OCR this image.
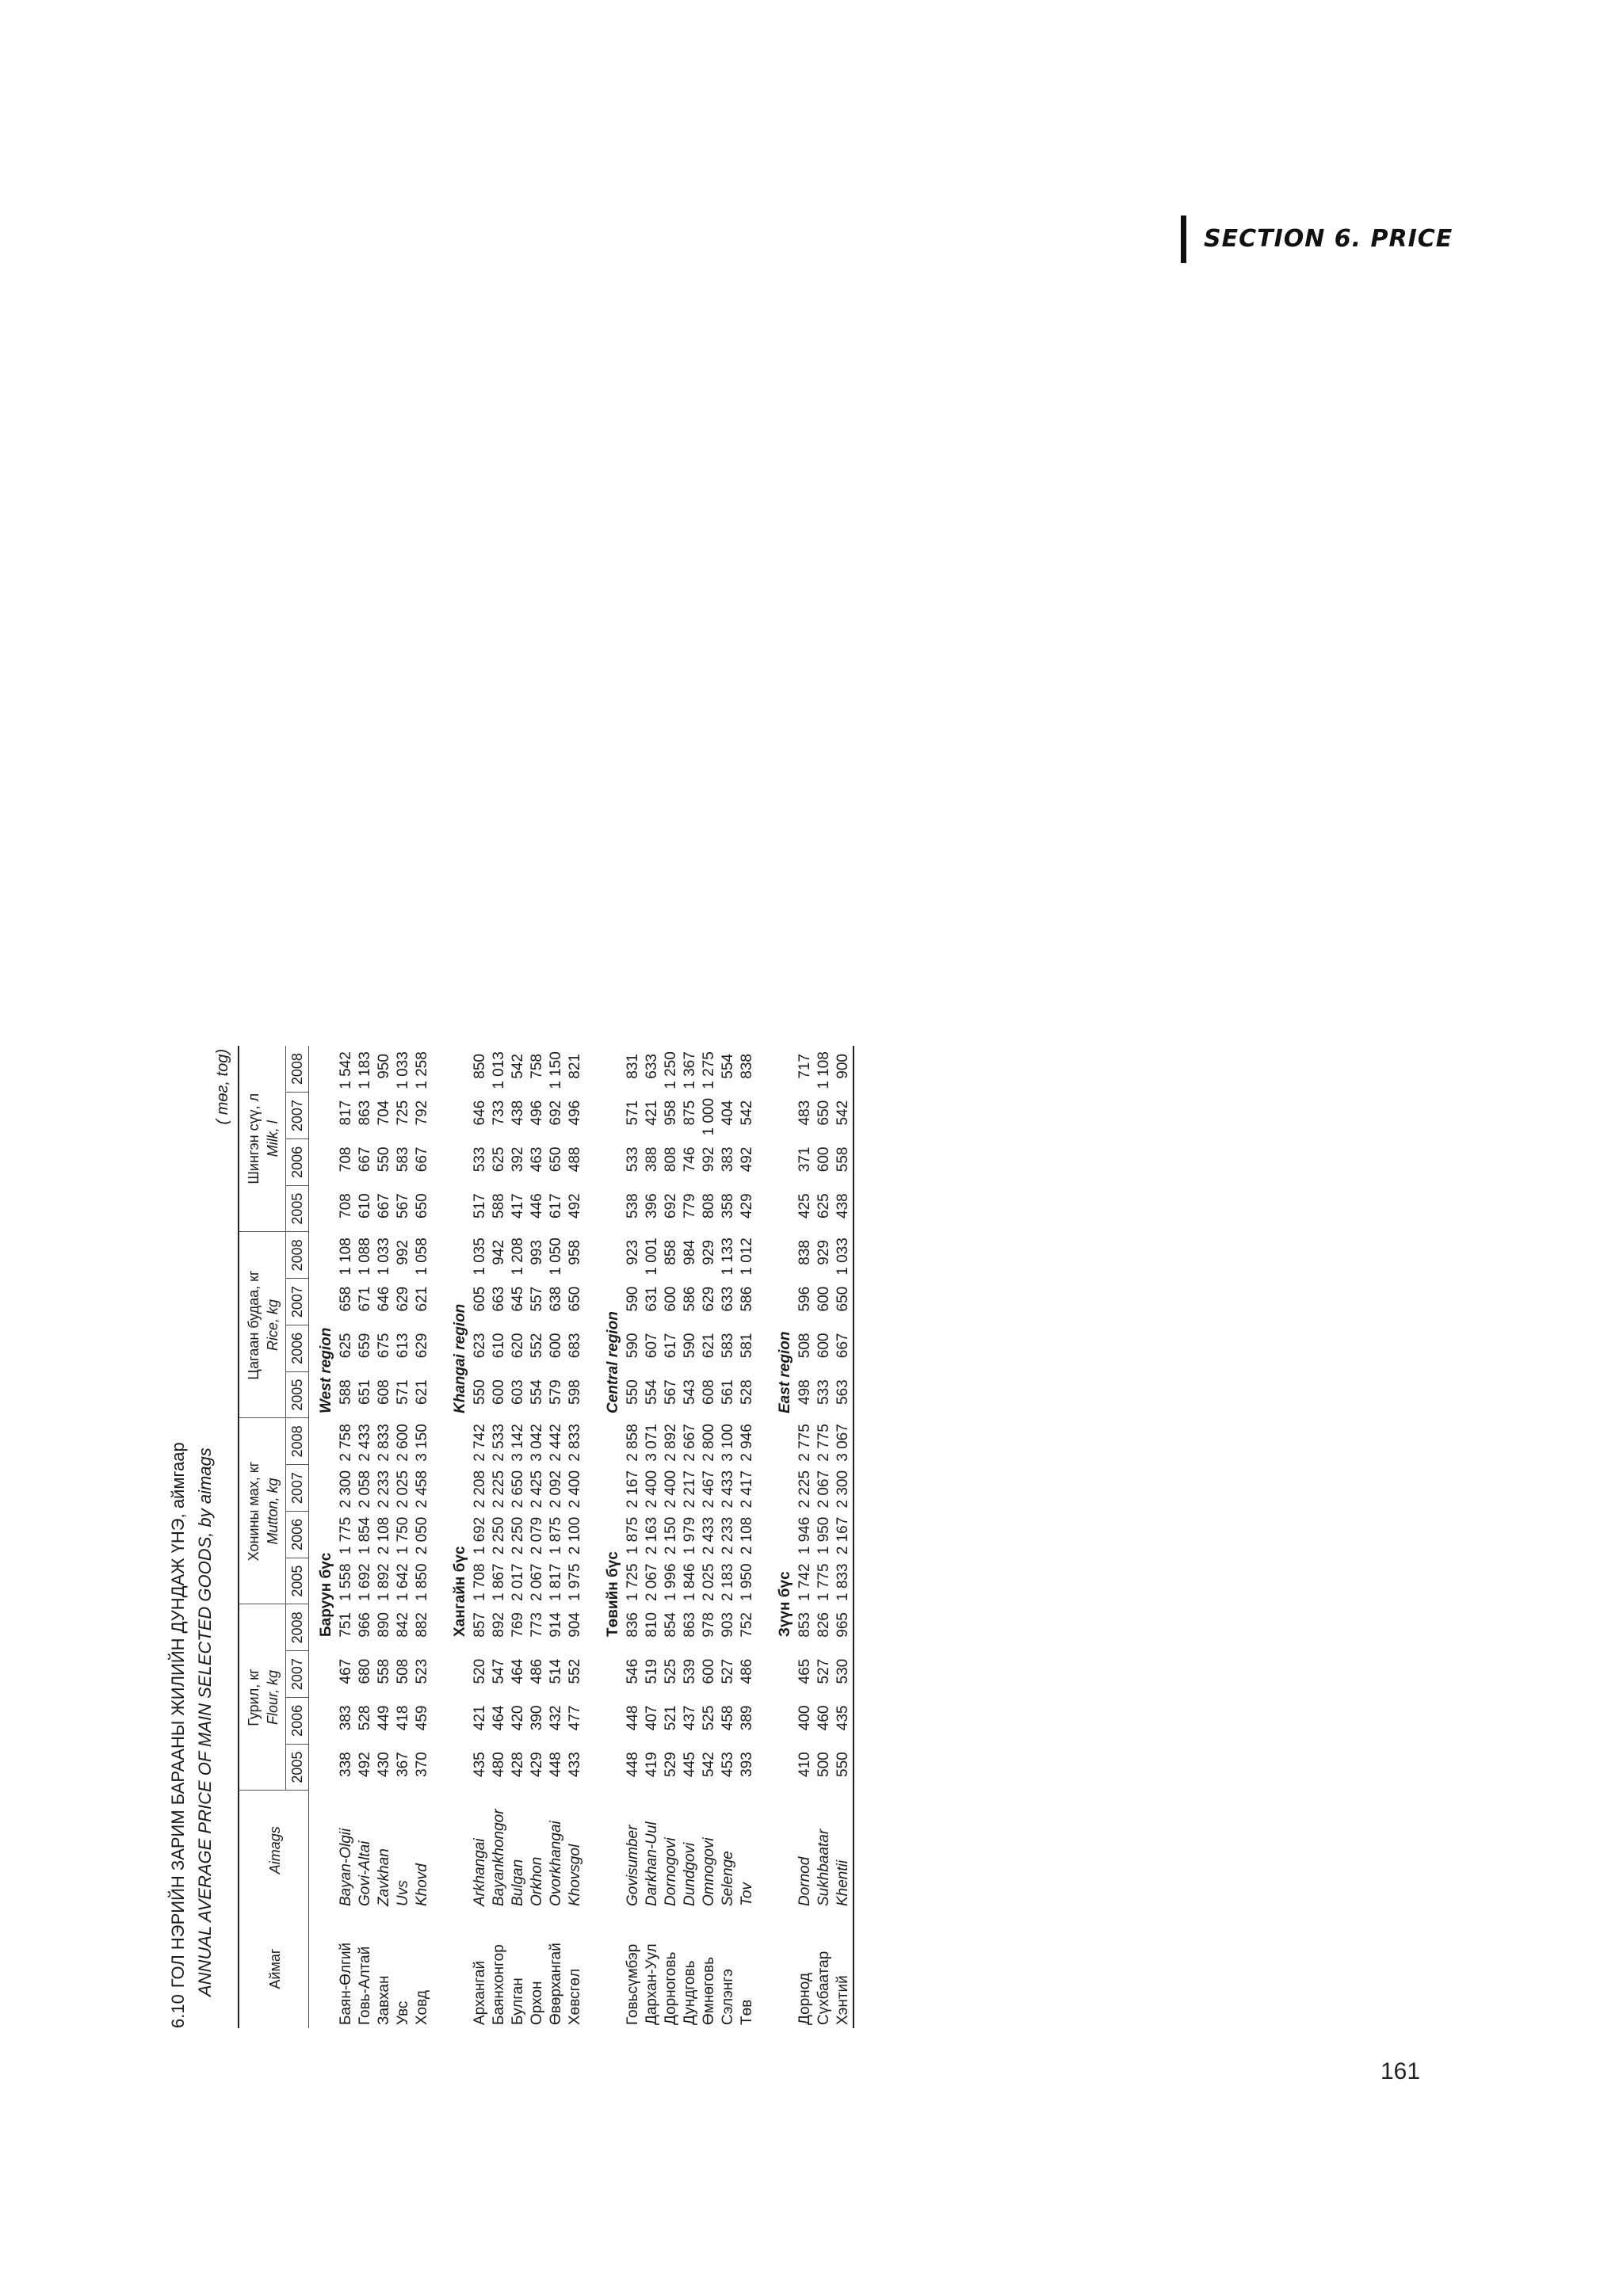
SECTION 6. PRICE
6.10ГОЛ НЭРИЙН ЗАРИМ БАРААНЫ ЖИЛИЙН ДУНДАЖ ҮНЭ, аймгаар ANNUAL AVERAGE PRICE OF MAIN SELECTED GOODS, by aimags
( төг, tog)
Аймаг	Aimags	Гурил, кг Flour, kg				Хонины мах, кг Mutton, kg				Цагаан будаа, кг Rice, kg				Шингэн сүү, л Milk, l			

		2005	2006	2007	2008	2005	2006	2007	2008	2005	2006	2007	2008	2005	2006	2007	2008

		Баруун бүс								West region							

Баян-Өлгий	Bayan-Olgii	338	383	467	751	1 558	1 775	2 300	2 758	588	625	658	1 108	708	708	817	1 542
Говь-Алтай	Govi-Altai	492	528	680	966	1 692	1 854	2 058	2 433	651	659	671	1 088	610	667	863	1 183
Завхан	Zavkhan	430	449	558	890	1 892	2 108	2 233	2 833	608	675	646	1 033	667	550	704	950
Увс	Uvs	367	418	508	842	1 642	1 750	2 025	2 600	571	613	629	992	567	583	725	1 033
Ховд	Khovd	370	459	523	882	1 850	2 050	2 458	3 150	621	629	621	1 058	650	667	792	1 258

		Хангайн бүс								Khangai region							

Архангай	Arkhangai	435	421	520	857	1 708	1 692	2 208	2 742	550	623	605	1 035	517	533	646	850
Баянхонгор	Bayankhongor	480	464	547	892	1 867	2 250	2 225	2 533	600	610	663	942	588	625	733	1 013
Булган	Bulgan	428	420	464	769	2 017	2 250	2 650	3 142	603	620	645	1 208	417	392	438	542
Орхон	Orkhon	429	390	486	773	2 067	2 079	2 425	3 042	554	552	557	993	446	463	496	758
Өвөрхангай	Ovorkhangai	448	432	514	914	1 817	1 875	2 092	2 442	579	600	638	1 050	617	650	692	1 150
Хөвсгөл	Khovsgol	433	477	552	904	1 975	2 100	2 400	2 833	598	683	650	958	492	488	496	821

		Төвийн бүс								Central region							

Говьсүмбэр	Govisumber	448	448	546	836	1 725	1 875	2 167	2 858	550	590	590	923	538	533	571	831
Дархан-Уул	Darkhan-Uul	419	407	519	810	2 067	2 163	2 400	3 071	554	607	631	1 001	396	388	421	633
Дорноговь	Dornogovi	529	521	525	854	1 996	2 150	2 400	2 892	567	617	600	858	692	808	958	1 250
Дундговь	Dundgovi	445	437	539	863	1 846	1 979	2 217	2 667	543	590	586	984	779	746	875	1 367
Өмнөговь	Omnogovi	542	525	600	978	2 025	2 433	2 467	2 800	608	621	629	929	808	992	1 000	1 275
Сэлэнгэ	Selenge	453	458	527	903	2 183	2 233	2 433	3 100	561	583	633	1 133	358	383	404	554
Төв	Tov	393	389	486	752	1 950	2 108	2 417	2 946	528	581	586	1 012	429	492	542	838

		Зүүн бүс								East region							

Дорнод	Dornod	410	400	465	853	1 742	1 946	2 225	2 775	498	508	596	838	425	371	483	717
Сүхбаатар	Sukhbaatar	500	460	527	826	1 775	1 950	2 067	2 775	533	600	600	929	625	600	650	1 108
Хэнтий	Khentii	550	435	530	965	1 833	2 167	2 300	3 067	563	667	650	1 033	438	558	542	900
161
